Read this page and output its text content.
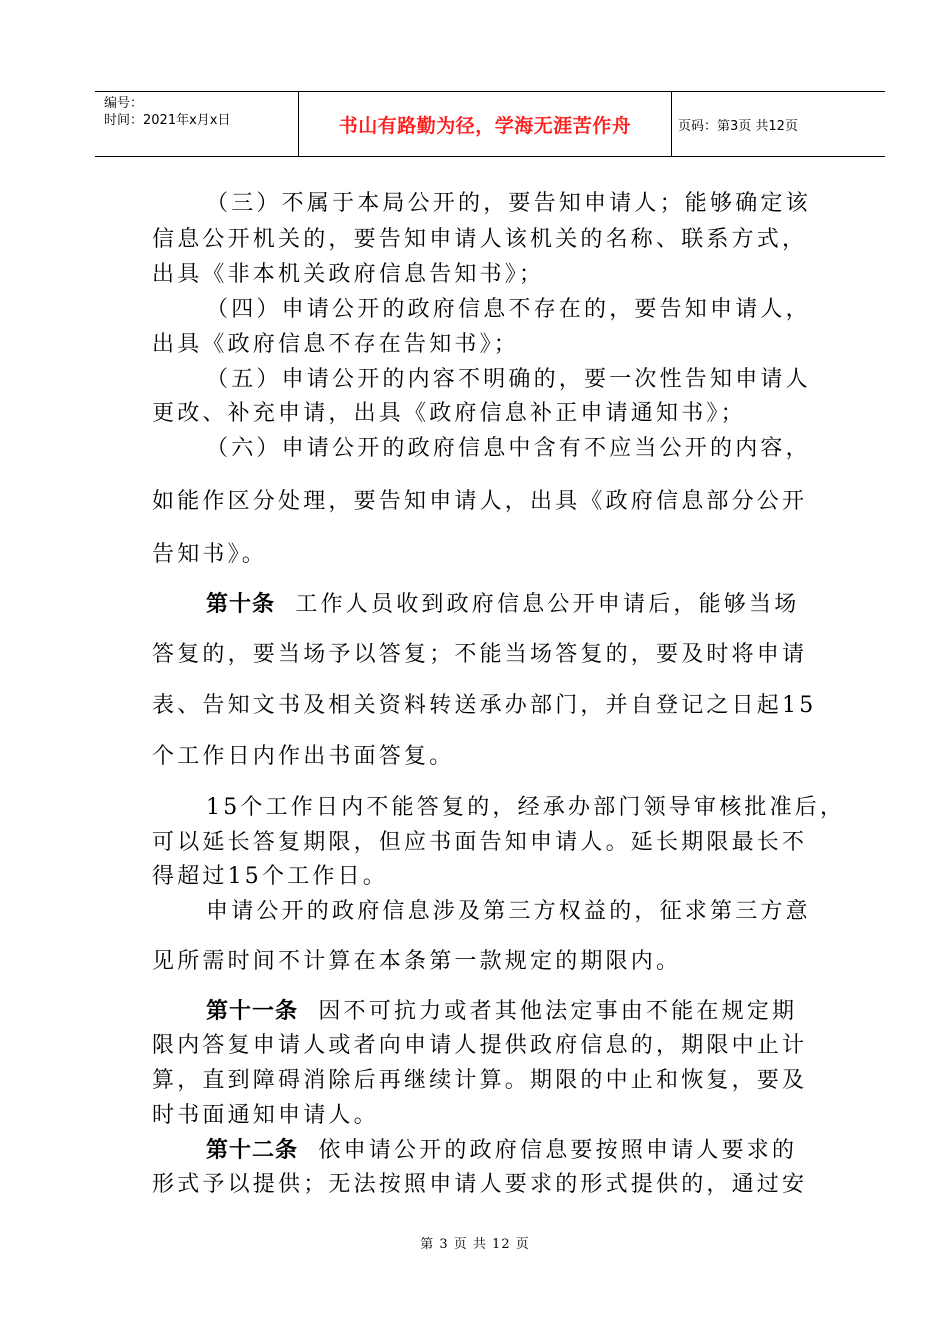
编号：
时间：2021年x月x日	书山有路勤为径，学海无涯苦作舟	页码：第3页 共12页
（三）不属于本局公开的，要告知申请人；能够确定该
信息公开机关的，要告知申请人该机关的名称、联系方式，
出具《非本机关政府信息告知书》；
（四）申请公开的政府信息不存在的，要告知申请人，
出具《政府信息不存在告知书》；
（五）申请公开的内容不明确的，要一次性告知申请人
更改、补充申请，出具《政府信息补正申请通知书》；
（六）申请公开的政府信息中含有不应当公开的内容，
如能作区分处理，要告知申请人，出具《政府信息部分公开
告知书》。
第十条 工作人员收到政府信息公开申请后，能够当场
答复的，要当场予以答复；不能当场答复的，要及时将申请
表、告知文书及相关资料转送承办部门，并自登记之日起15
个工作日内作出书面答复。
15个工作日内不能答复的，经承办部门领导审核批准后，
可以延长答复期限，但应书面告知申请人。延长期限最长不
得超过15个工作日。
申请公开的政府信息涉及第三方权益的，征求第三方意
见所需时间不计算在本条第一款规定的期限内。
第十一条 因不可抗力或者其他法定事由不能在规定期
限内答复申请人或者向申请人提供政府信息的，期限中止计
算，直到障碍消除后再继续计算。期限的中止和恢复，要及
时书面通知申请人。
第十二条 依申请公开的政府信息要按照申请人要求的
形式予以提供；无法按照申请人要求的形式提供的，通过安
第 3 页 共 12 页
